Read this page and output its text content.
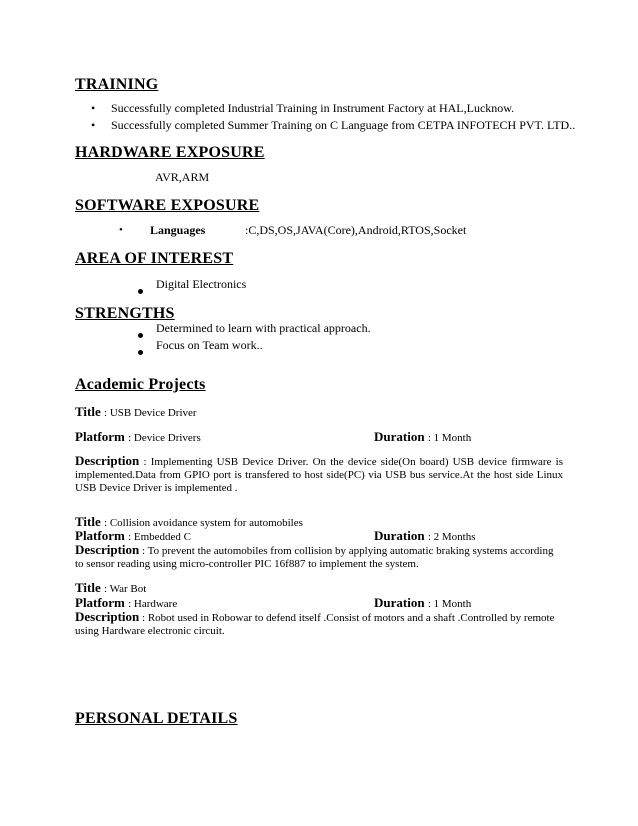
TRAINING
• Successfully completed Industrial Training in Instrument Factory at HAL,Lucknow.
• Successfully completed Summer Training on C Language from CETPA INFOTECH PVT. LTD..
HARDWARE EXPOSURE
AVR,ARM
SOFTWARE EXPOSURE
• Languages	:C,DS,OS,JAVA(Core),Android,RTOS,Socket
AREA OF INTEREST
Digital Electronics
STRENGTHS
Determined to learn with practical approach.
Focus on Team work..
Academic Projects
Title : USB Device Driver
Platform : Device Drivers	Duration : 1 Month
Description : Implementing USB Device Driver. On the device side(On board) USB device firmware is implemented.Data from GPIO port is transfered to host side(PC) via USB bus service.At the host side Linux USB Device Driver is implemented .
Title : Collision avoidance system for automobiles
Platform : Embedded C	Duration : 2 Months
Description : To prevent the automobiles from collision by applying automatic braking systems according to sensor reading using micro-controller PIC 16f887 to implement the system.
Title : War Bot
Platform : Hardware	Duration : 1 Month
Description : Robot used in Robowar to defend itself .Consist of motors and a shaft .Controlled by remote using Hardware electronic circuit.
PERSONAL DETAILS
